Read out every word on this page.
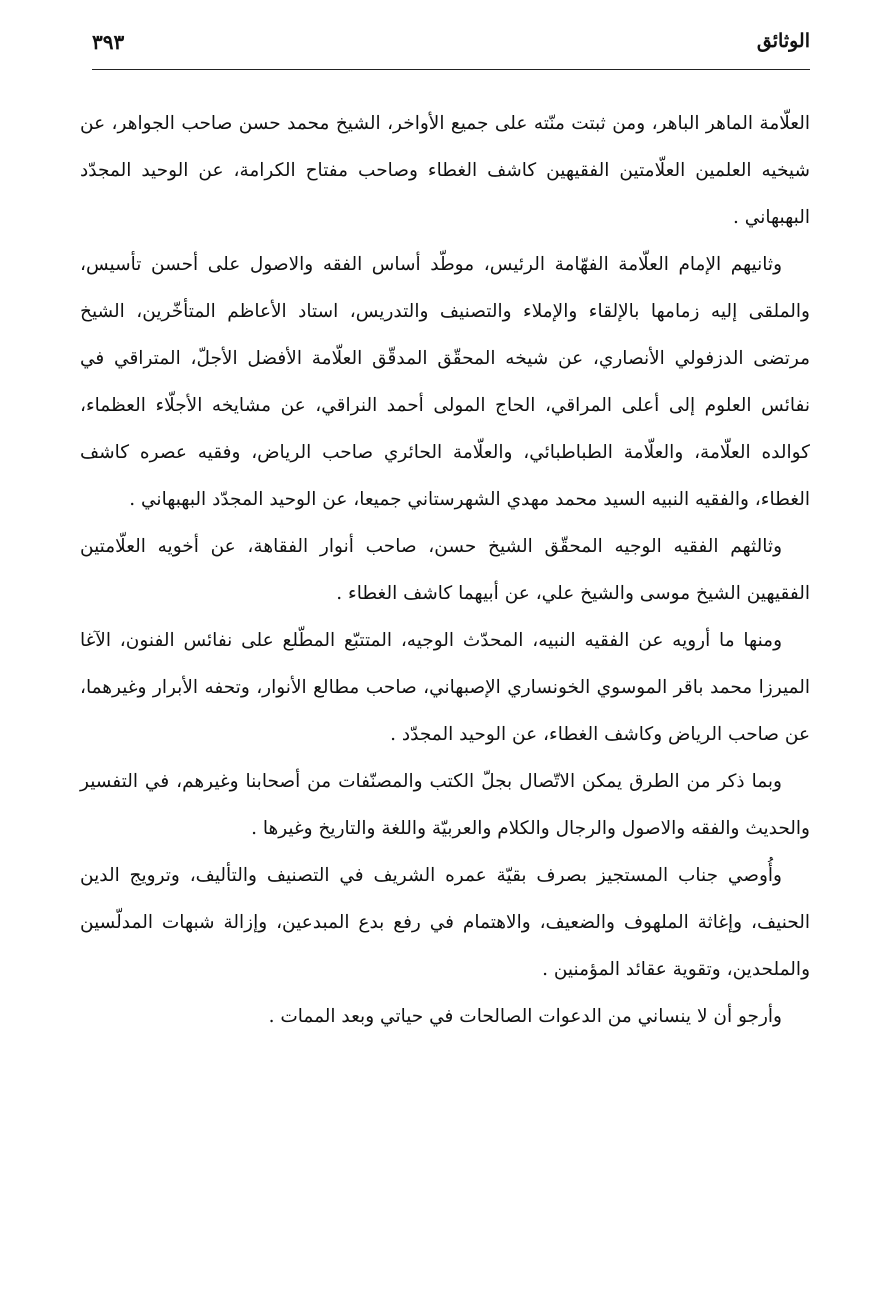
الوثائق
٣٩٣

العلّامة الماهر الباهر، ومن ثبتت منّته على جميع الأواخر، الشيخ محمد حسن صاحب الجواهر، عن شيخيه العلمين العلّامتين الفقيهين كاشف الغطاء وصاحب مفتاح الكرامة، عن الوحيد المجدّد البهبهاني .

وثانيهم الإمام العلّامة الفهّامة الرئيس، موطّد أساس الفقه والاصول على أحسن تأسيس، والملقى إليه زمامها بالإلقاء والإملاء والتصنيف والتدريس، استاد الأعاظم المتأخّرين، الشيخ مرتضى الدزفولي الأنصاري، عن شيخه المحقّق المدقّق العلّامة الأفضل الأجلّ، المتراقي في نفائس العلوم إلى أعلى المراقي، الحاج المولى أحمد النراقي، عن مشايخه الأجلّاء العظماء، كوالده العلّامة، والعلّامة الطباطبائي، والعلّامة الحائري صاحب الرياض، وفقيه عصره كاشف الغطاء، والفقيه النبيه السيد محمد مهدي الشهرستاني جميعا، عن الوحيد المجدّد البهبهاني .

وثالثهم الفقيه الوجيه المحقّق الشيخ حسن، صاحب أنوار الفقاهة، عن أخويه العلّامتين الفقيهين الشيخ موسى والشيخ علي، عن أبيهما كاشف الغطاء .

ومنها ما أرويه عن الفقيه النبيه، المحدّث الوجيه، المتتبّع المطّلع على نفائس الفنون، الآغا الميرزا محمد باقر الموسوي الخونساري الإصبهاني، صاحب مطالع الأنوار، وتحفه الأبرار وغيرهما، عن صاحب الرياض وكاشف الغطاء، عن الوحيد المجدّد .

وبما ذكر من الطرق يمكن الاتّصال بجلّ الكتب والمصنّفات من أصحابنا وغيرهم، في التفسير والحديث والفقه والاصول والرجال والكلام والعربيّة واللغة والتاريخ وغيرها .

وأُوصي جناب المستجيز بصرف بقيّة عمره الشريف في التصنيف والتأليف، وترويج الدين الحنيف، وإغاثة الملهوف والضعيف، والاهتمام في رفع بدع المبدعين، وإزالة شبهات المدلّسين والملحدين، وتقوية عقائد المؤمنين .

وأرجو أن لا ينساني من الدعوات الصالحات في حياتي وبعد الممات .
